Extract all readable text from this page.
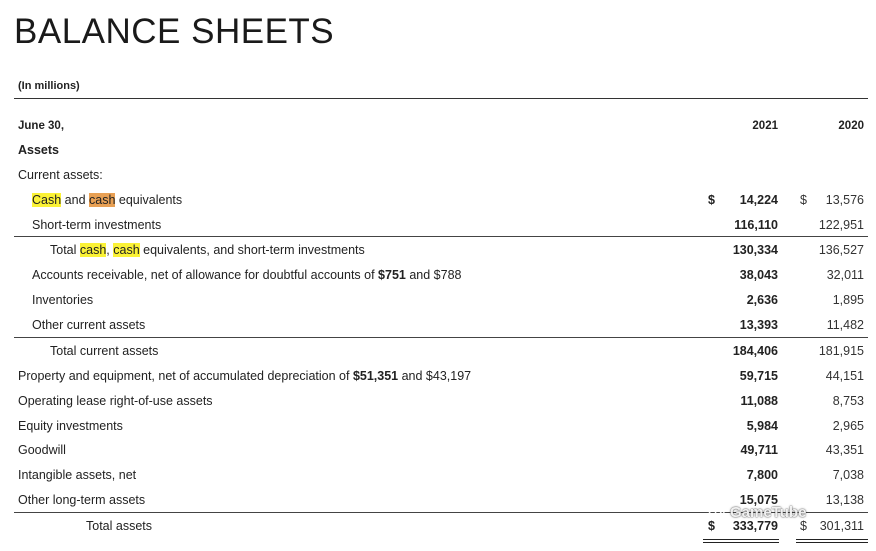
BALANCE SHEETS
(In millions)
June 30,	2021	2020
Assets
Current assets:
Cash and cash equivalents	$ 14,224 $ 13,576
Short-term investments	116,110	122,951
Total cash, cash equivalents, and short-term investments	130,334	136,527
Accounts receivable, net of allowance for doubtful accounts of $751 and $788	38,043	32,011
Inventories	2,636	1,895
Other current assets	13,393	11,482
Total current assets	184,406	181,915
Property and equipment, net of accumulated depreciation of $51,351 and $43,197	59,715	44,151
Operating lease right-of-use assets	11,088	8,753
Equity investments	5,984	2,965
Goodwill	49,711	43,351
Intangible assets, net	7,800	7,038
Other long-term assets	15,075	13,138
Total assets	$ 333,779 $ 301,311
GameTube
